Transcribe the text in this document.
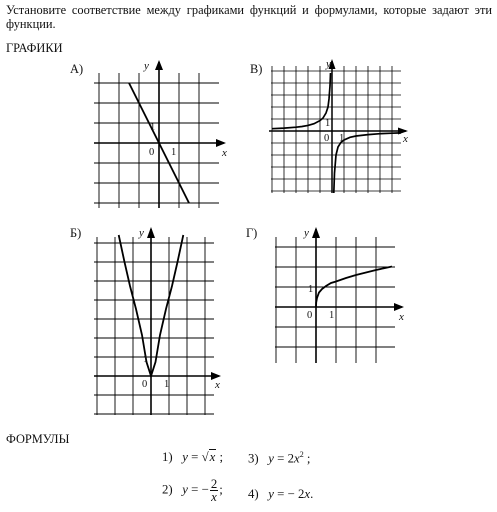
Установите соответствие между графиками функций и формулами, которые задают эти функции.
ГРАФИКИ
А)	В)
Б)	Г)
y
x
0 1
1
y
x
0 1
1
y
x
0 1
1
y
x
0 1
1
ФОРМУЛЫ
1) y = √x ; 3) $y = 2x^2$ ;
2) y = − $\frac{2}{x}$ ; 4) y = − 2x.
